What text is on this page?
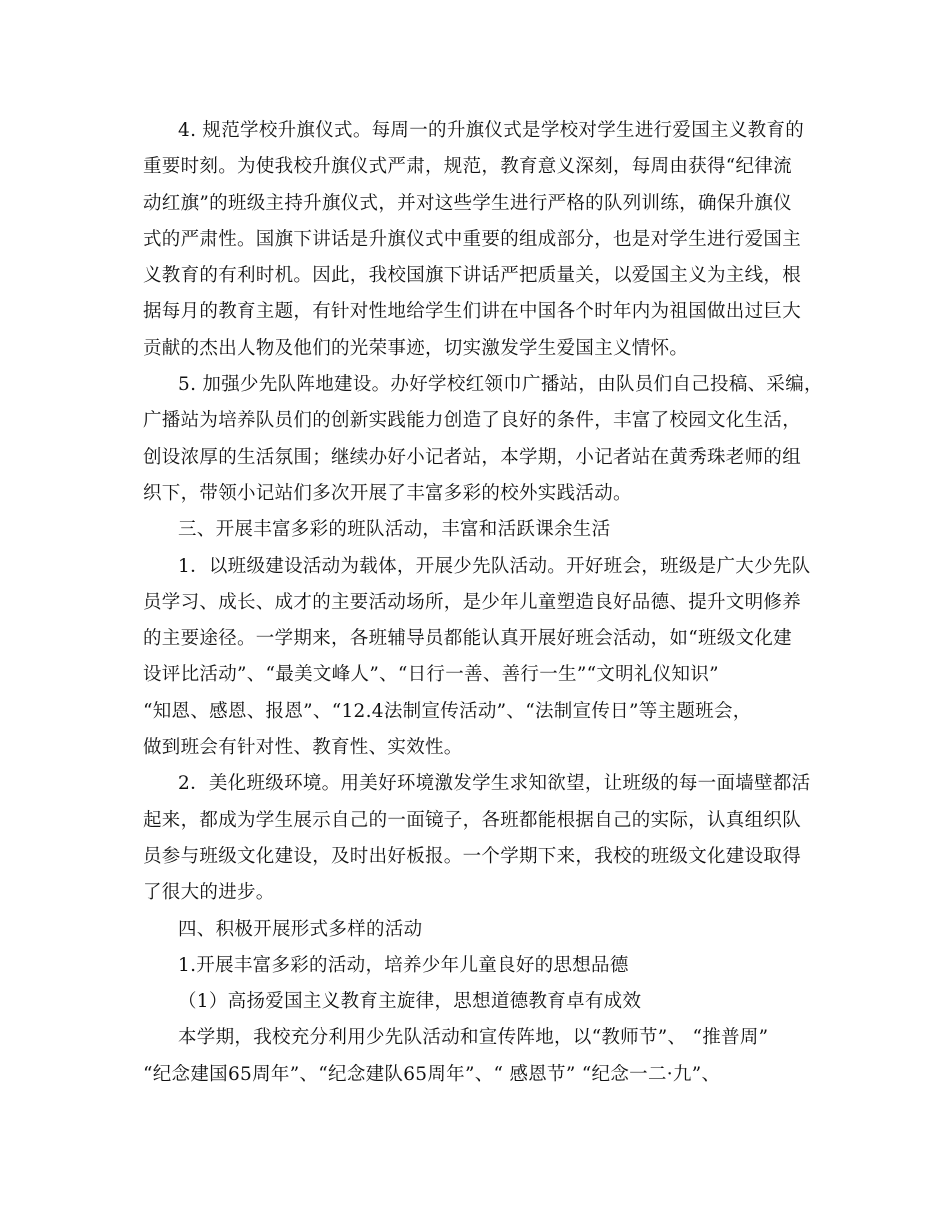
4. 规范学校升旗仪式。每周一的升旗仪式是学校对学生进行爱国主义教育的
重要时刻。为使我校升旗仪式严肃，规范，教育意义深刻，每周由获得“纪律流
动红旗”的班级主持升旗仪式，并对这些学生进行严格的队列训练，确保升旗仪
式的严肃性。国旗下讲话是升旗仪式中重要的组成部分，也是对学生进行爱国主
义教育的有利时机。因此，我校国旗下讲话严把质量关，以爱国主义为主线，根
据每月的教育主题，有针对性地给学生们讲在中国各个时年内为祖国做出过巨大
贡献的杰出人物及他们的光荣事迹，切实激发学生爱国主义情怀。
5. 加强少先队阵地建设。办好学校红领巾广播站，由队员们自己投稿、采编，
广播站为培养队员们的创新实践能力创造了良好的条件，丰富了校园文化生活，
创设浓厚的生活氛围；继续办好小记者站，本学期，小记者站在黄秀珠老师的组
织下，带领小记站们多次开展了丰富多彩的校外实践活动。
三、开展丰富多彩的班队活动，丰富和活跃课余生活
1．以班级建设活动为载体，开展少先队活动。开好班会，班级是广大少先队
员学习、成长、成才的主要活动场所，是少年儿童塑造良好品德、提升文明修养
的主要途径。一学期来，各班辅导员都能认真开展好班会活动，如“班级文化建
设评比活动”、“最美文峰人”、“日行一善、善行一生”“文明礼仪知识”
“知恩、感恩、报恩”、“12.4法制宣传活动”、“法制宣传日”等主题班会，
做到班会有针对性、教育性、实效性。
2．美化班级环境。用美好环境激发学生求知欲望，让班级的每一面墙壁都活
起来，都成为学生展示自己的一面镜子，各班都能根据自己的实际，认真组织队
员参与班级文化建设，及时出好板报。一个学期下来，我校的班级文化建设取得
了很大的进步。
四、积极开展形式多样的活动
1.开展丰富多彩的活动，培养少年儿童良好的思想品德
（1）高扬爱国主义教育主旋律，思想道德教育卓有成效
本学期，我校充分利用少先队活动和宣传阵地，以“教师节”、 “推普周”
“纪念建国65周年”、“纪念建队65周年”、“ 感恩节” “纪念一二·九”、
